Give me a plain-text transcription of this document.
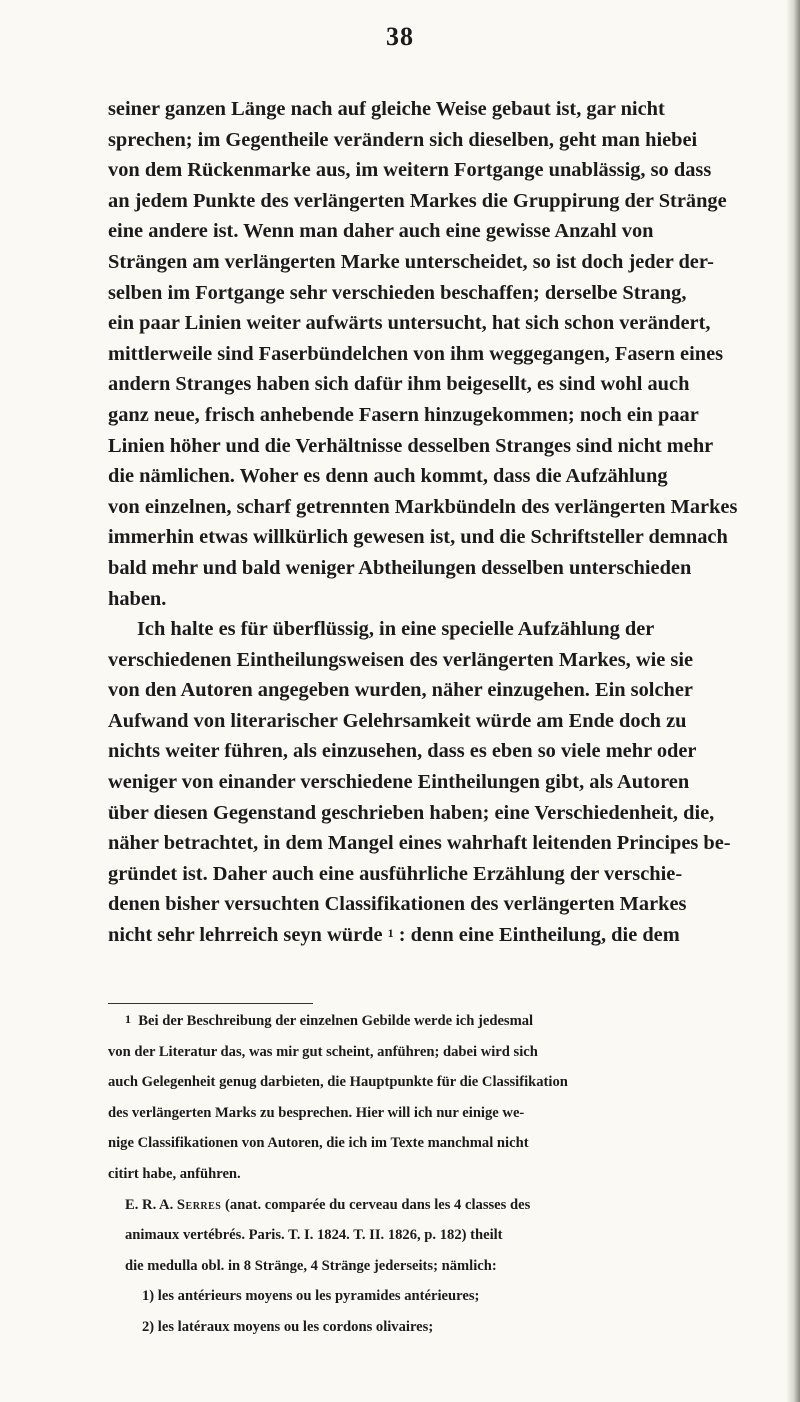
38
seiner ganzen Länge nach auf gleiche Weise gebaut ist, gar nicht
sprechen; im Gegentheile verändern sich dieselben, geht man hiebei
von dem Rückenmarke aus, im weitern Fortgange unablässig, so dass
an jedem Punkte des verlängerten Markes die Gruppirung der Stränge
eine andere ist. Wenn man daher auch eine gewisse Anzahl von
Strängen am verlängerten Marke unterscheidet, so ist doch jeder der-
selben im Fortgange sehr verschieden beschaffen; derselbe Strang,
ein paar Linien weiter aufwärts untersucht, hat sich schon verändert,
mittlerweile sind Faserbündelchen von ihm weggegangen, Fasern eines
andern Stranges haben sich dafür ihm beigesellt, es sind wohl auch
ganz neue, frisch anhebende Fasern hinzugekommen; noch ein paar
Linien höher und die Verhältnisse desselben Stranges sind nicht mehr
die nämlichen. Woher es denn auch kommt, dass die Aufzählung
von einzelnen, scharf getrennten Markbündeln des verlängerten Markes
immerhin etwas willkürlich gewesen ist, und die Schriftsteller demnach
bald mehr und bald weniger Abtheilungen desselben unterschieden
haben.
Ich halte es für überflüssig, in eine specielle Aufzählung der
verschiedenen Eintheilungsweisen des verlängerten Markes, wie sie
von den Autoren angegeben wurden, näher einzugehen. Ein solcher
Aufwand von literarischer Gelehrsamkeit würde am Ende doch zu
nichts weiter führen, als einzusehen, dass es eben so viele mehr oder
weniger von einander verschiedene Eintheilungen gibt, als Autoren
über diesen Gegenstand geschrieben haben; eine Verschiedenheit, die,
näher betrachtet, in dem Mangel eines wahrhaft leitenden Principes be-
gründet ist. Daher auch eine ausführliche Erzählung der verschie-
denen bisher versuchten Classifikationen des verlängerten Markes
nicht sehr lehrreich seyn würde $^1$ : denn eine Eintheilung, die dem
$^1$ Bei der Beschreibung der einzelnen Gebilde werde ich jedesmal
von der Literatur das, was mir gut scheint, anführen; dabei wird sich
auch Gelegenheit genug darbieten, die Hauptpunkte für die Classifikation
des verlängerten Marks zu besprechen. Hier will ich nur einige we-
nige Classifikationen von Autoren, die ich im Texte manchmal nicht
citirt habe, anführen.
E. R. A. Serres (anat. comparée du cerveau dans les 4 classes des
animaux vertébrés. Paris. T. I. 1824. T. II. 1826, p. 182) theilt
die medulla obl. in 8 Stränge, 4 Stränge jederseits; nämlich:
1) les antérieurs moyens ou les pyramides antérieures;
2) les latéraux moyens ou les cordons olivaires;
